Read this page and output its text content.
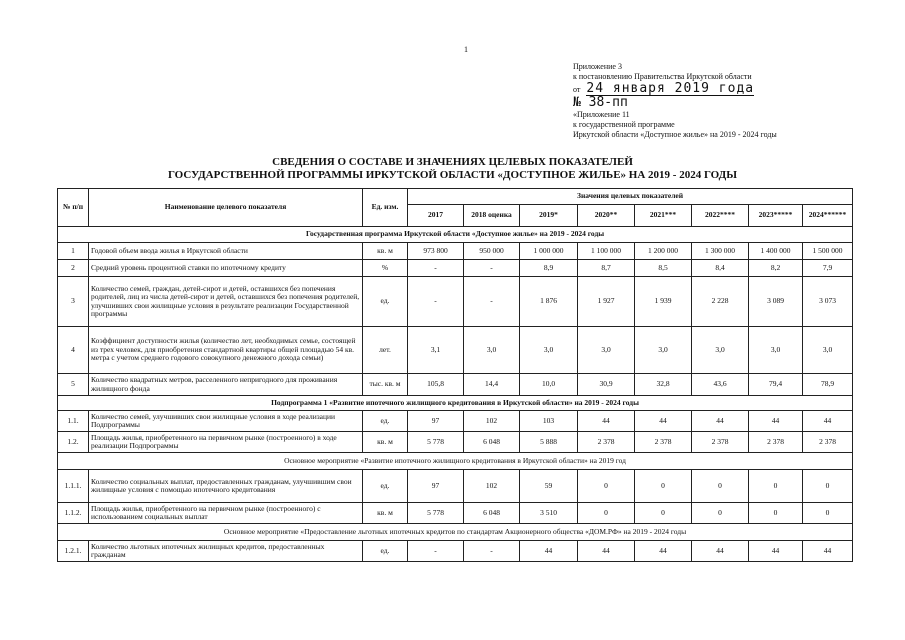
1
Приложение 3
к постановлению Правительства Иркутской области
от 24 января 2019 года
№ 38-пп
«Приложение 11
к государственной программе
Иркутской области «Доступное жилье» на 2019 - 2024 годы
СВЕДЕНИЯ О СОСТАВЕ И ЗНАЧЕНИЯХ ЦЕЛЕВЫХ ПОКАЗАТЕЛЕЙ
ГОСУДАРСТВЕННОЙ ПРОГРАММЫ ИРКУТСКОЙ ОБЛАСТИ «ДОСТУПНОЕ ЖИЛЬЕ» НА 2019 - 2024 ГОДЫ
№ п/п	Наименование целевого показателя	Ед. изм.	Значения целевых показателей							
			2017	2018 оценка	2019*	2020**	2021***	2022****	2023*****	2024******
Государственная программа Иркутской области «Доступное жилье» на 2019 - 2024 годы										
1	Годовой объем ввода жилья в Иркутской области	кв. м	973 800	950 000	1 000 000	1 100 000	1 200 000	1 300 000	1 400 000	1 500 000
2	Средний уровень процентной ставки по ипотечному кредиту	%	-	-	8,9	8,7	8,5	8,4	8,2	7,9
3	Количество семей, граждан, детей-сирот и детей, оставшихся без попечения родителей, лиц из числа детей-сирот и детей, оставшихся без попечения родителей, улучшивших свои жилищные условия в результате реализации Государственной программы	ед.	-	-	1 876	1 927	1 939	2 228	3 089	3 073
4	Коэффициент доступности жилья (количество лет, необходимых семье, состоящей из трех человек, для приобретения стандартной квартиры общей площадью 54 кв. метра с учетом среднего годового совокупного денежного дохода семьи)	лет.	3,1	3,0	3,0	3,0	3,0	3,0	3,0	3,0
5	Количество квадратных метров, расселенного непригодного для проживания жилищного фонда	тыс. кв. м	105,8	14,4	10,0	30,9	32,8	43,6	79,4	78,9
Подпрограмма 1 «Развитие ипотечного жилищного кредитования в Иркутской области» на 2019 - 2024 годы										
1.1.	Количество семей, улучшивших свои жилищные условия в ходе реализации Подпрограммы	ед.	97	102	103	44	44	44	44	44
1.2.	Площадь жилья, приобретенного на первичном рынке (построенного) в ходе реализации Подпрограммы	кв. м	5 778	6 048	5 888	2 378	2 378	2 378	2 378	2 378
Основное мероприятие «Развитие ипотечного жилищного кредитования в Иркутской области» на 2019 год										
1.1.1.	Количество социальных выплат, предоставленных гражданам, улучшившим свои жилищные условия с помощью ипотечного кредитования	ед.	97	102	59	0	0	0	0	0
1.1.2.	Площадь жилья, приобретенного на первичном рынке (построенного) с использованием социальных выплат	кв. м	5 778	6 048	3 510	0	0	0	0	0
Основное мероприятие «Предоставление льготных ипотечных кредитов по стандартам Акционерного общества «ДОМ.РФ» на 2019 - 2024 годы										
1.2.1.	Количество льготных ипотечных жилищных кредитов, предоставленных гражданам	ед.	-	-	44	44	44	44	44	44
